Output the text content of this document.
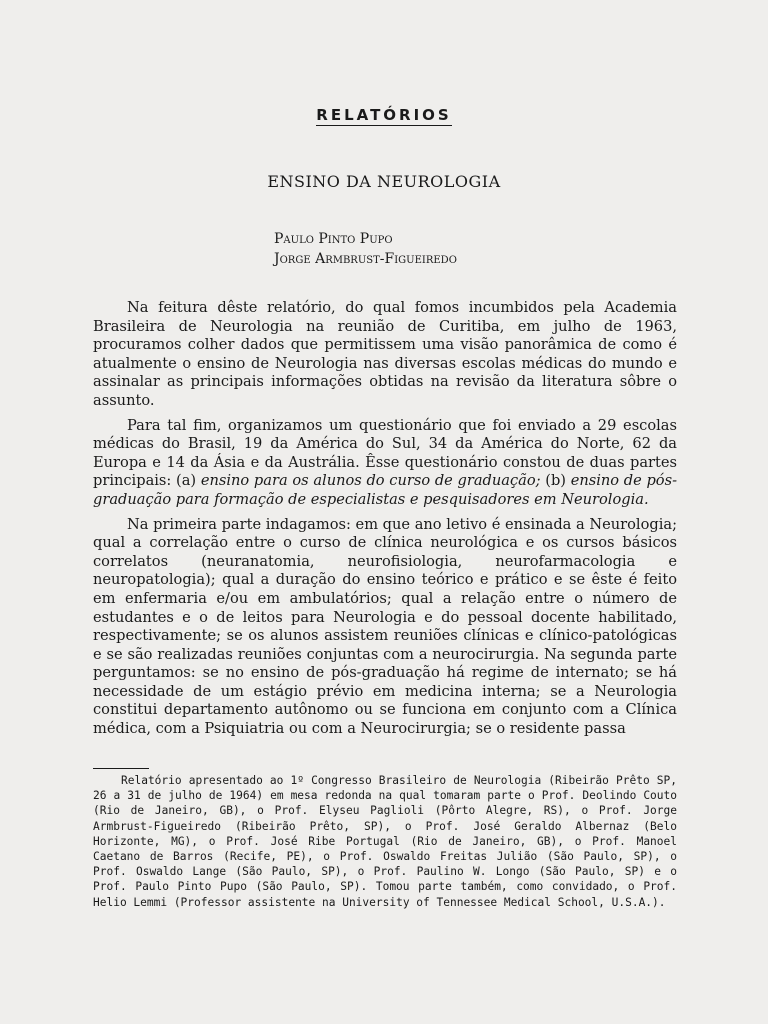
RELATÓRIOS
ENSINO DA NEUROLOGIA
Paulo Pinto Pupo
Jorge Armbrust-Figueiredo

Na feitura dêste relatório, do qual fomos incumbidos pela Academia Brasileira de Neurologia na reunião de Curitiba, em julho de 1963, procuramos colher dados que permitissem uma visão panorâmica de como é atualmente o ensino de Neurologia nas diversas escolas médicas do mundo e assinalar as principais informações obtidas na revisão da literatura sôbre o assunto.

Para tal fim, organizamos um questionário que foi enviado a 29 escolas médicas do Brasil, 19 da América do Sul, 34 da América do Norte, 62 da Europa e 14 da Ásia e da Austrália. Êsse questionário constou de duas partes principais: (a) ensino para os alunos do curso de graduação; (b) ensino de pós-graduação para formação de especialistas e pesquisadores em Neurologia.

Na primeira parte indagamos: em que ano letivo é ensinada a Neurologia; qual a correlação entre o curso de clínica neurológica e os cursos básicos correlatos (neuranatomia, neurofisiologia, neurofarmacologia e neuropatologia); qual a duração do ensino teórico e prático e se êste é feito em enfermaria e/ou em ambulatórios; qual a relação entre o número de estudantes e o de leitos para Neurologia e do pessoal docente habilitado, respectivamente; se os alunos assistem reuniões clínicas e clínico-patológicas e se são realizadas reuniões conjuntas com a neurocirurgia. Na segunda parte perguntamos: se no ensino de pós-graduação há regime de internato; se há necessidade de um estágio prévio em medicina interna; se a Neurologia constitui departamento autônomo ou se funciona em conjunto com a Clínica médica, com a Psiquiatria ou com a Neurocirurgia; se o residente passa

Relatório apresentado ao 1º Congresso Brasileiro de Neurologia (Ribeirão Prêto SP, 26 a 31 de julho de 1964) em mesa redonda na qual tomaram parte o Prof. Deolindo Couto (Rio de Janeiro, GB), o Prof. Elyseu Paglioli (Pôrto Alegre, RS), o Prof. Jorge Armbrust-Figueiredo (Ribeirão Prêto, SP), o Prof. José Geraldo Albernaz (Belo Horizonte, MG), o Prof. José Ribe Portugal (Rio de Janeiro, GB), o Prof. Manoel Caetano de Barros (Recife, PE), o Prof. Oswaldo Freitas Julião (São Paulo, SP), o Prof. Oswaldo Lange (São Paulo, SP), o Prof. Paulino W. Longo (São Paulo, SP) e o Prof. Paulo Pinto Pupo (São Paulo, SP). Tomou parte também, como convidado, o Prof. Helio Lemmi (Professor assistente na University of Tennessee Medical School, U.S.A.).
